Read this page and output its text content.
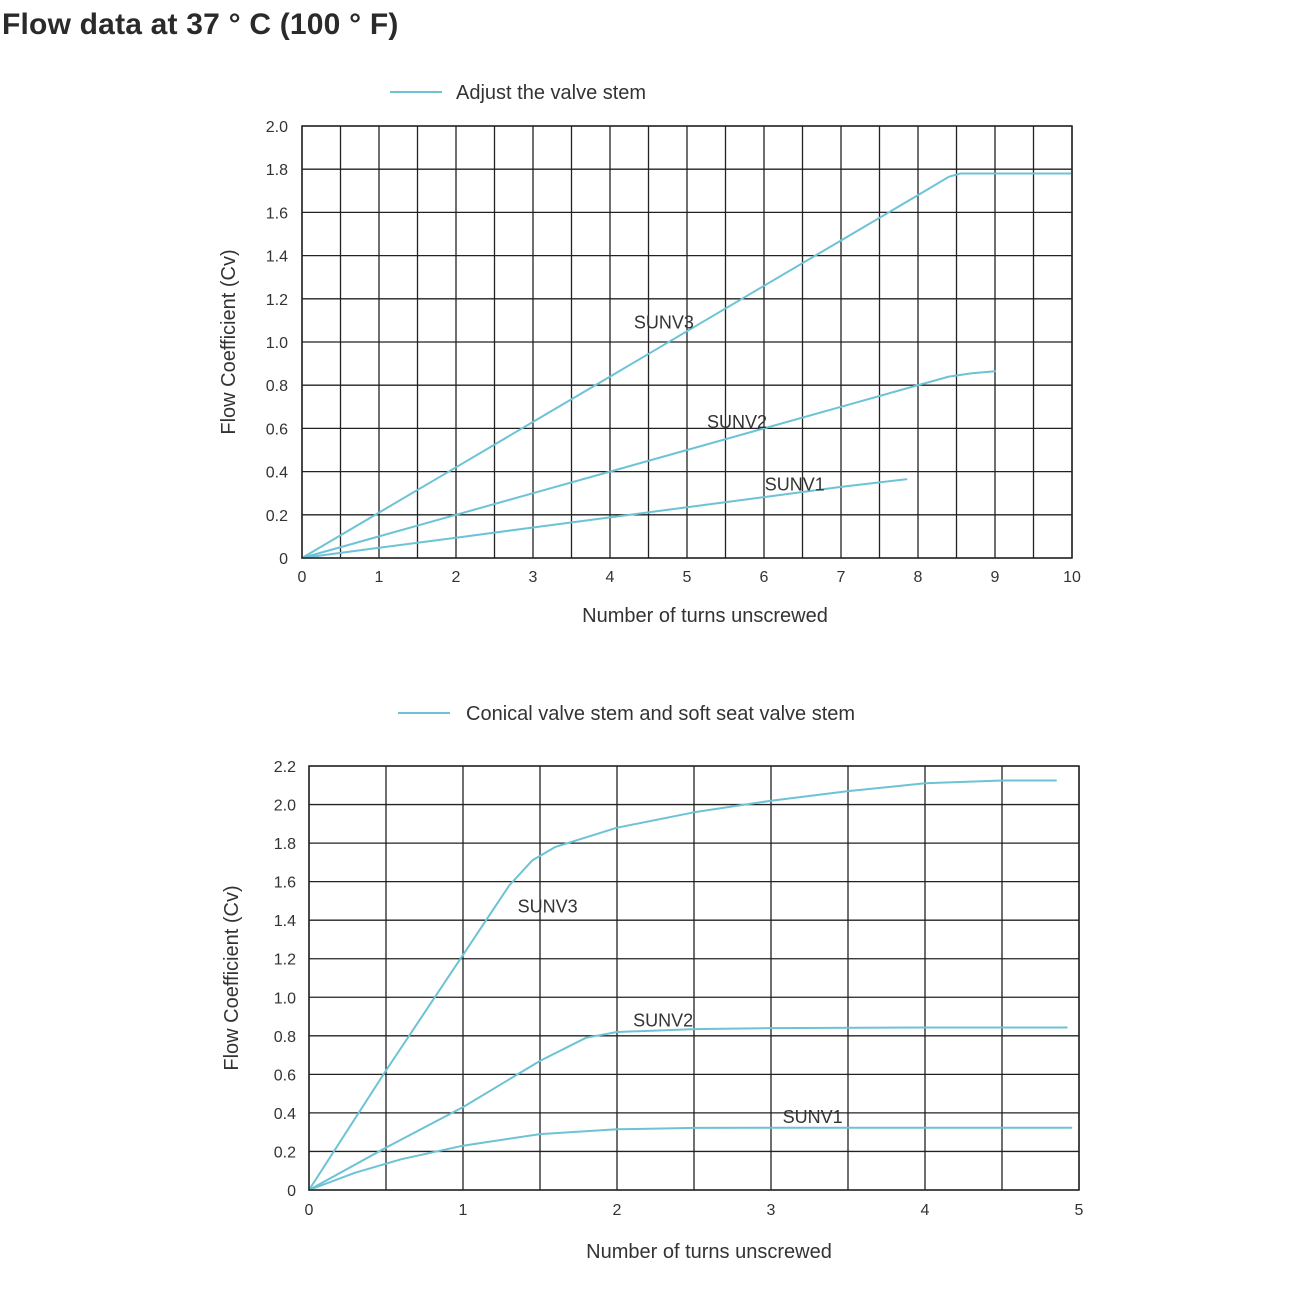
Flow data at 37 ° C (100 ° F)
0	1	2	3	4	5	6	7	8	9	10
0
0.2
0.4
0.6
0.8
1.0
1.2
1.4
1.6
1.8
2.0
Number of turns unscrewed
Flow Coefficient (Cv)
Adjust the valve stem
SUNV3
SUNV2
SUNV1
0	1	2	3	4	5
0
0.2
0.4
0.6
0.8
1.0
1.2
1.4
1.6
1.8
2.0
2.2
Number of turns unscrewed
Flow Coefficient (Cv)
Conical valve stem and soft seat valve stem
SUNV3
SUNV2
SUNV1
